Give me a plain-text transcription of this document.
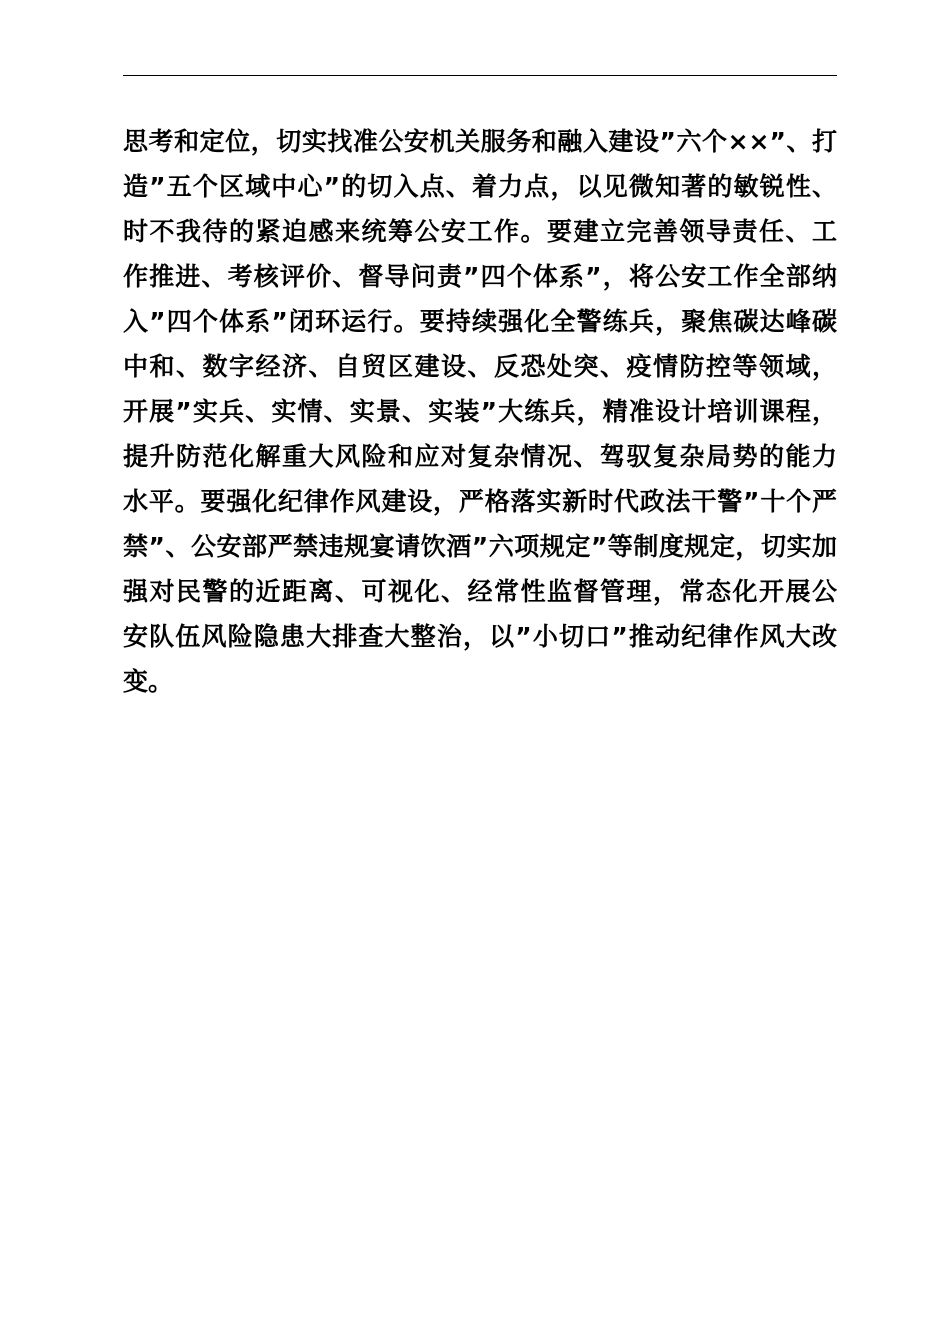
思考和定位，切实找准公安机关服务和融入建设”六个××”、打
造”五个区域中心”的切入点、着力点，以见微知著的敏锐性、
时不我待的紧迫感来统筹公安工作。要建立完善领导责任、工
作推进、考核评价、督导问责”四个体系”，将公安工作全部纳
入”四个体系”闭环运行。要持续强化全警练兵，聚焦碳达峰碳
中和、数字经济、自贸区建设、反恐处突、疫情防控等领域，
开展”实兵、实情、实景、实装”大练兵，精准设计培训课程，
提升防范化解重大风险和应对复杂情况、驾驭复杂局势的能力
水平。要强化纪律作风建设，严格落实新时代政法干警”十个严
禁”、公安部严禁违规宴请饮酒”六项规定”等制度规定，切实加
强对民警的近距离、可视化、经常性监督管理，常态化开展公
安队伍风险隐患大排查大整治，以”小切口”推动纪律作风大改
变。
